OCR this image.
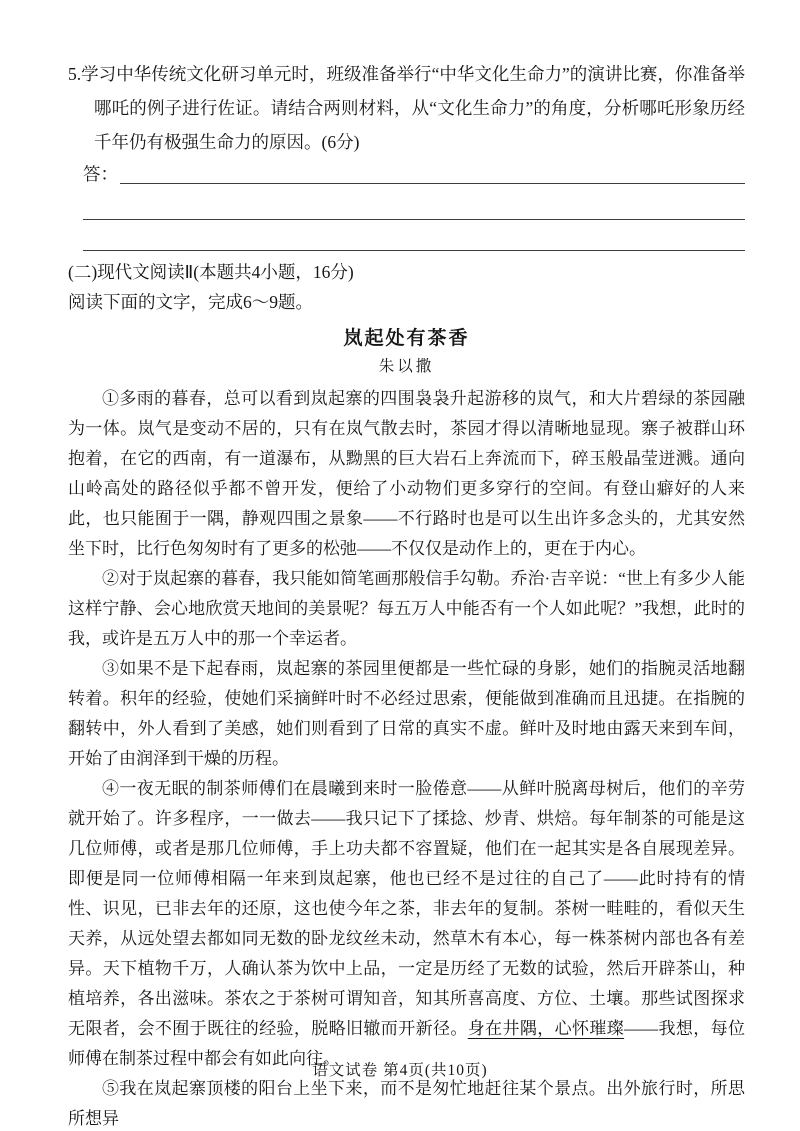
5.学习中华传统文化研习单元时，班级准备举行“中华文化生命力”的演讲比赛，你准备举哪吒的例子进行佐证。请结合两则材料，从“文化生命力”的角度，分析哪吒形象历经千年仍有极强生命力的原因。(6分)
答：

(二)现代文阅读Ⅱ(本题共4小题，16分)

阅读下面的文字，完成6～9题。

岚起处有茶香

朱以撒

①多雨的暮春，总可以看到岚起寨的四围袅袅升起游移的岚气，和大片碧绿的茶园融为一体。岚气是变动不居的，只有在岚气散去时，茶园才得以清晰地显现。寨子被群山环抱着，在它的西南，有一道瀑布，从黝黑的巨大岩石上奔流而下，碎玉般晶莹迸溅。通向山岭高处的路径似乎都不曾开发，便给了小动物们更多穿行的空间。有登山癖好的人来此，也只能囿于一隅，静观四围之景象——不行路时也是可以生出许多念头的，尤其安然坐下时，比行色匆匆时有了更多的松弛——不仅仅是动作上的，更在于内心。

②对于岚起寨的暮春，我只能如简笔画那般信手勾勒。乔治·吉辛说：“世上有多少人能这样宁静、会心地欣赏天地间的美景呢？每五万人中能否有一个人如此呢？”我想，此时的我，或许是五万人中的那一个幸运者。

③如果不是下起春雨，岚起寨的茶园里便都是一些忙碌的身影，她们的指腕灵活地翻转着。积年的经验，使她们采摘鲜叶时不必经过思索，便能做到准确而且迅捷。在指腕的翻转中，外人看到了美感，她们则看到了日常的真实不虚。鲜叶及时地由露天来到车间，开始了由润泽到干燥的历程。

④一夜无眠的制茶师傅们在晨曦到来时一脸倦意——从鲜叶脱离母树后，他们的辛劳就开始了。许多程序，一一做去——我只记下了揉捻、炒青、烘焙。每年制茶的可能是这几位师傅，或者是那几位师傅，手上功夫都不容置疑，他们在一起其实是各自展现差异。即便是同一位师傅相隔一年来到岚起寨，他也已经不是过往的自己了——此时持有的情性、识见，已非去年的还原，这也使今年之茶，非去年的复制。茶树一畦畦的，看似天生天养，从远处望去都如同无数的卧龙纹丝未动，然草木有本心，每一株茶树内部也各有差异。天下植物千万，人确认茶为饮中上品，一定是历经了无数的试验，然后开辟茶山，种植培养，各出滋味。茶农之于茶树可谓知音，知其所喜高度、方位、土壤。那些试图探求无限者，会不囿于既往的经验，脱略旧辙而开新径。身在井隅，心怀璀璨——我想，每位师傅在制茶过程中都会有如此向往。

⑤我在岚起寨顶楼的阳台上坐下来，而不是匆忙地赶往某个景点。出外旅行时，所思所想异

语文试卷 第4页(共10页)
